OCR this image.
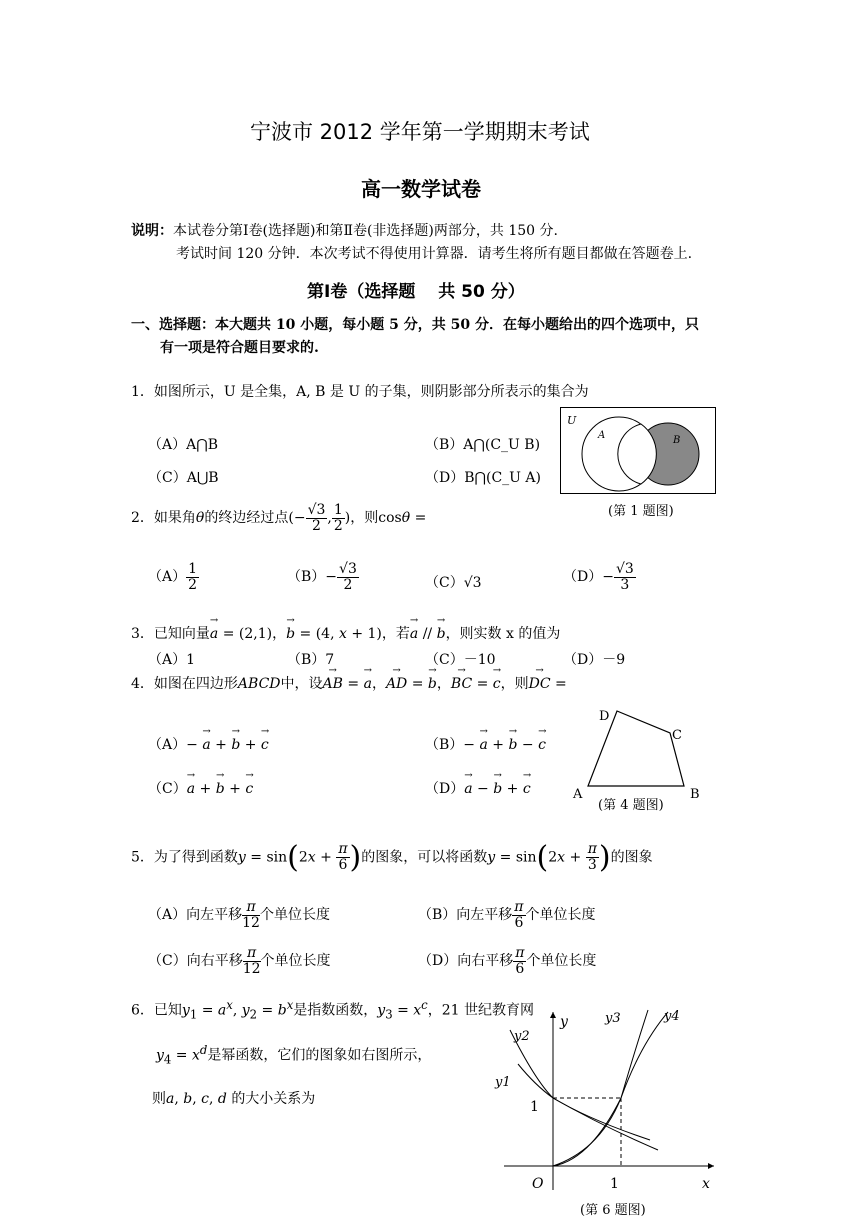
宁波市 2012 学年第一学期期末考试
高一数学试卷
说明：本试卷分第Ⅰ卷(选择题)和第Ⅱ卷(非选择题)两部分，共 150 分.
考试时间 120 分钟．本次考试不得使用计算器．请考生将所有题目都做在答题卷上.
第Ⅰ卷（选择题　 共 50 分）
一、选择题：本大题共 10 小题，每小题 5 分，共 50 分．在每小题给出的四个选项中，只
有一项是符合题目要求的.
1．如图所示，U 是全集，A, B 是 U 的子集，则阴影部分所表示的集合为
（A）A⋂B	（B）A⋂(C_U B)
（C）A⋃B	（D）B⋂(C_U A)
U
A	B
(第 1 题图)
2．如果角θ的终边经过点(− $\frac{√3}{2}$ , $\frac{1}{2}$ )，则cosθ =
$(A) \frac{1}{2}$	$(B)- \frac{√3}{2}$	（C）√3	$(D)- \frac{√3}{3}$
3．已知向量→ a = (2,1)，→ b = (4, x + 1)，若→ a // → b，则实数 x 的值为
（A）1	（B）7	（C）－10	（D）－9
4．如图在四边形ABCD中，设→ AB = → a，→ AD = → b，→ BC = → c，则→ DC =
（A）− → a + → b + → c	（B）− → a + → b − → c
（C）→ a + → b + → c	（D）→ a − → b + → c
D
C
A	B
(第 4 题图)
5．为了得到函数$y = \sin(2x + \frac{\pi}{6}$ )的图象，可以将函数$y = \sin(2x + \frac{\pi}{3}$ )的图象
（A）向左平移 $\frac{\pi}{12}$ 个单位长度	（B）向左平移 $\frac{\pi}{6}$ 个单位长度
（C）向右平移 $\frac{\pi}{12}$ 个单位长度	（D）向右平移 $\frac{\pi}{6}$ 个单位长度
6．已知$y_1 = a^x$, $y_2 = b^x$是指数函数，$y_3 = x^c$，21 世纪教育网
$y_4 = x^d$是幂函数，它们的图象如右图所示，
则a, b, c, d 的大小关系为
y
x
O	1
1
y2
y1
y3	y4
(第 6 题图)
